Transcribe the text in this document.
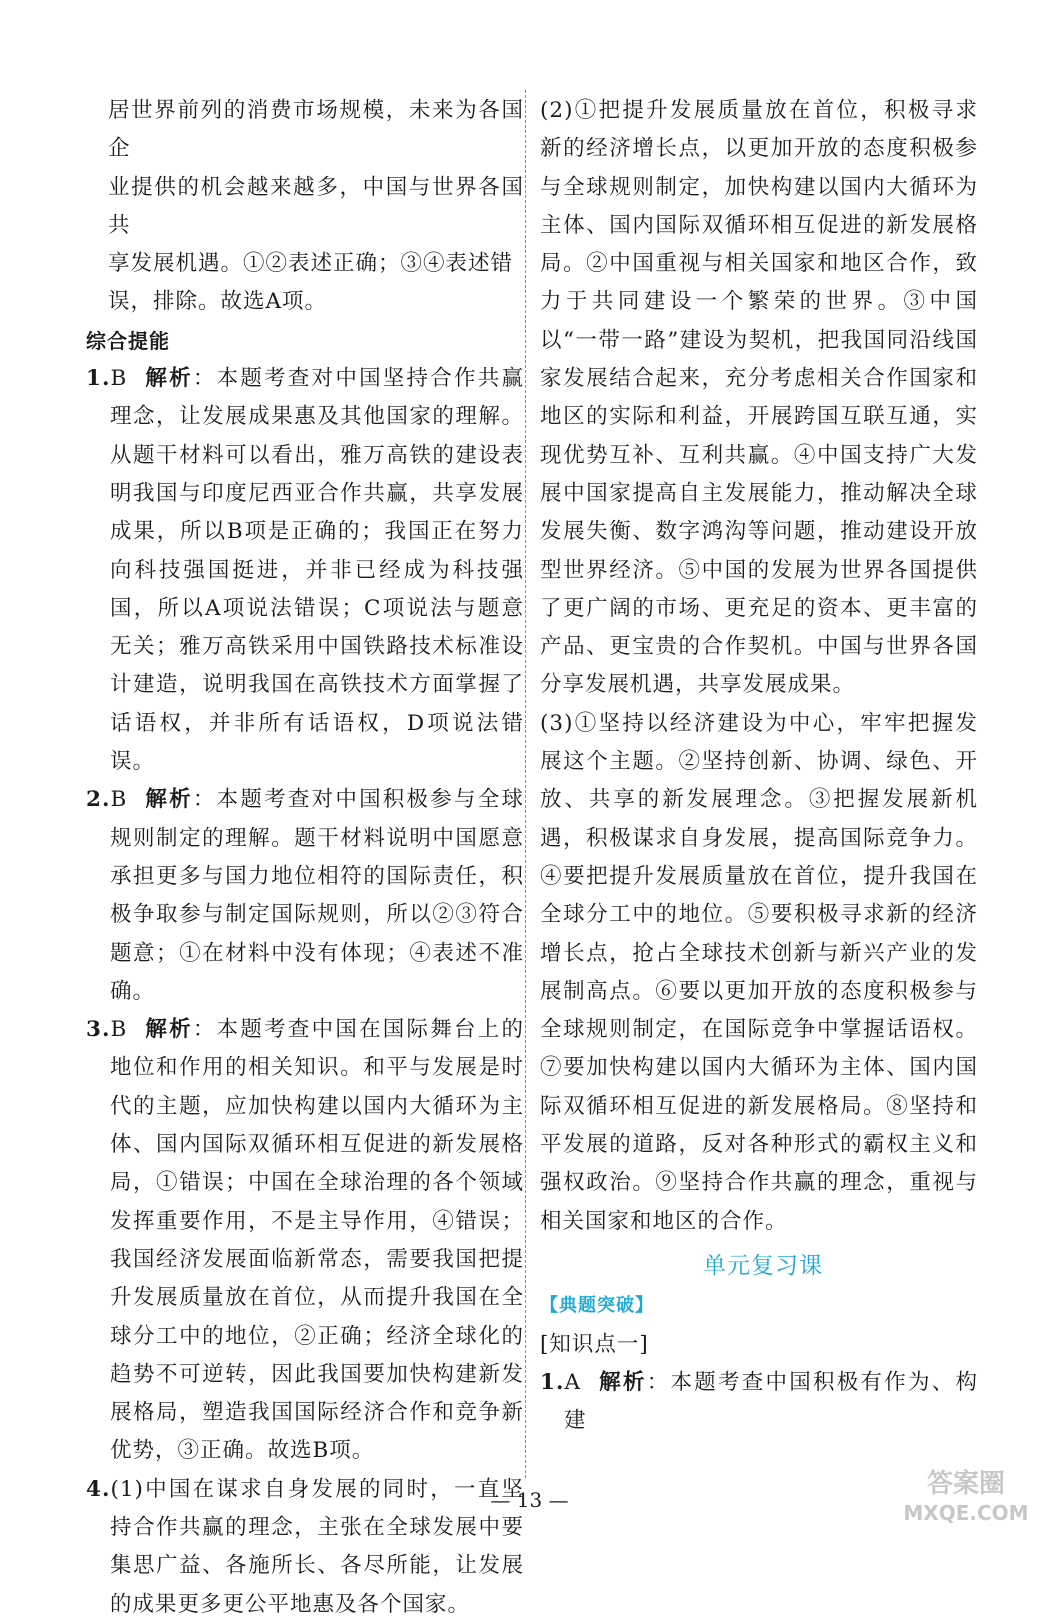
居世界前列的消费市场规模，未来为各国企

业提供的机会越来越多，中国与世界各国共

享发展机遇。①②表述正确；③④表述错

误，排除。故选A项。

综合提能

1.B 解析：本题考查对中国坚持合作共赢理念，让发展成果惠及其他国家的理解。从题干材料可以看出，雅万高铁的建设表明我国与印度尼西亚合作共赢，共享发展成果，所以B项是正确的；我国正在努力向科技强国挺进，并非已经成为科技强国，所以A项说法错误；C项说法与题意无关；雅万高铁采用中国铁路技术标准设计建造，说明我国在高铁技术方面掌握了话语权，并非所有话语权，D项说法错误。

2.B 解析：本题考查对中国积极参与全球规则制定的理解。题干材料说明中国愿意承担更多与国力地位相符的国际责任，积极争取参与制定国际规则，所以②③符合题意；①在材料中没有体现；④表述不准确。

3.B 解析：本题考查中国在国际舞台上的地位和作用的相关知识。和平与发展是时代的主题，应加快构建以国内大循环为主体、国内国际双循环相互促进的新发展格局，①错误；中国在全球治理的各个领域发挥重要作用，不是主导作用，④错误；我国经济发展面临新常态，需要我国把提升发展质量放在首位，从而提升我国在全球分工中的地位，②正确；经济全球化的趋势不可逆转，因此我国要加快构建新发展格局，塑造我国国际经济合作和竞争新优势，③正确。故选B项。

4.(1)中国在谋求自身发展的同时，一直坚持合作共赢的理念，主张在全球发展中要集思广益、各施所长、各尽所能，让发展的成果更多更公平地惠及各个国家。

(2)①把提升发展质量放在首位，积极寻求新的经济增长点，以更加开放的态度积极参与全球规则制定，加快构建以国内大循环为主体、国内国际双循环相互促进的新发展格局。②中国重视与相关国家和地区合作，致力于共同建设一个繁荣的世界。③中国以“一带一路”建设为契机，把我国同沿线国家发展结合起来，充分考虑相关合作国家和地区的实际和利益，开展跨国互联互通，实现优势互补、互利共赢。④中国支持广大发展中国家提高自主发展能力，推动解决全球发展失衡、数字鸿沟等问题，推动建设开放型世界经济。⑤中国的发展为世界各国提供了更广阔的市场、更充足的资本、更丰富的产品、更宝贵的合作契机。中国与世界各国分享发展机遇，共享发展成果。

(3)①坚持以经济建设为中心，牢牢把握发展这个主题。②坚持创新、协调、绿色、开放、共享的新发展理念。③把握发展新机遇，积极谋求自身发展，提高国际竞争力。④要把提升发展质量放在首位，提升我国在全球分工中的地位。⑤要积极寻求新的经济增长点，抢占全球技术创新与新兴产业的发展制高点。⑥要以更加开放的态度积极参与全球规则制定，在国际竞争中掌握话语权。⑦要加快构建以国内大循环为主体、国内国际双循环相互促进的新发展格局。⑧坚持和平发展的道路，反对各种形式的霸权主义和强权政治。⑨坚持合作共赢的理念，重视与相关国家和地区的合作。

单元复习课

【典题突破】

[知识点一]

1.A 解析：本题考查中国积极有作为、构建

— 13 —
答案圈
MXQE.COM
